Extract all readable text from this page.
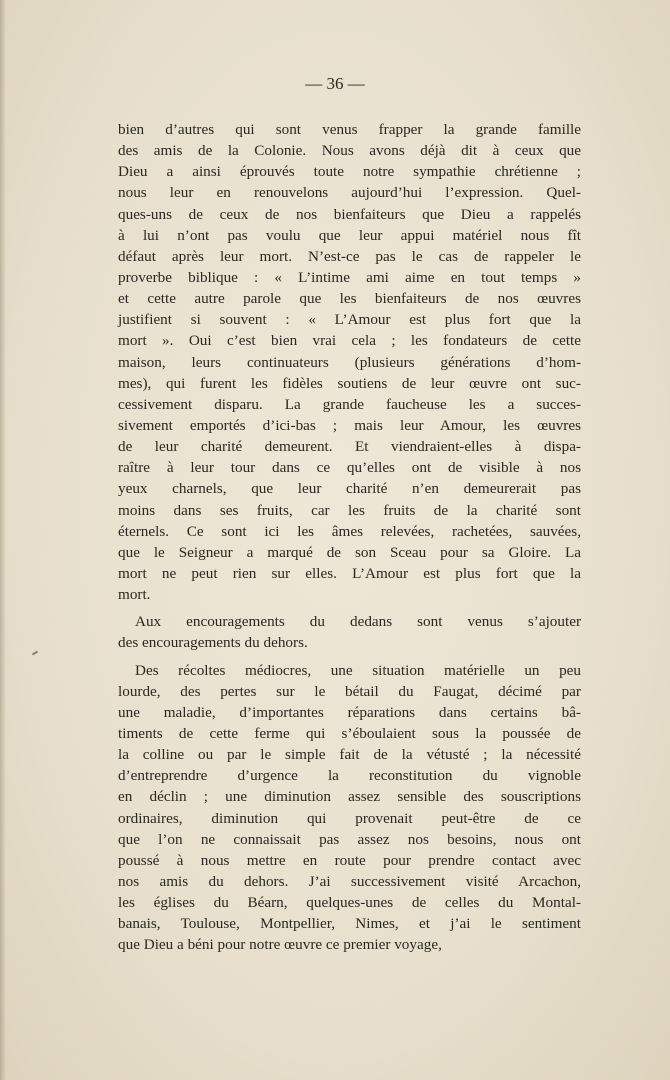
— 36 —
bien d’autres qui sont venus frapper la grande famille
des amis de la Colonie. Nous avons déjà dit à ceux que
Dieu a ainsi éprouvés toute notre sympathie chrétienne ;
nous leur en renouvelons aujourd’hui l’expression. Quel-
ques-uns de ceux de nos bienfaiteurs que Dieu a rappelés
à lui n’ont pas voulu que leur appui matériel nous fît
défaut après leur mort. N’est-ce pas le cas de rappeler le
proverbe biblique : « L’intime ami aime en tout temps »
et cette autre parole que les bienfaiteurs de nos œuvres
justifient si souvent : « L’Amour est plus fort que la
mort ». Oui c’est bien vrai cela ; les fondateurs de cette
maison, leurs continuateurs (plusieurs générations d’hom-
mes), qui furent les fidèles soutiens de leur œuvre ont suc-
cessivement disparu. La grande faucheuse les a succes-
sivement emportés d’ici-bas ; mais leur Amour, les œuvres
de leur charité demeurent. Et viendraient-elles à dispa-
raître à leur tour dans ce qu’elles ont de visible à nos
yeux charnels, que leur charité n’en demeurerait pas
moins dans ses fruits, car les fruits de la charité sont
éternels. Ce sont ici les âmes relevées, rachetées, sauvées,
que le Seigneur a marqué de son Sceau pour sa Gloire. La
mort ne peut rien sur elles. L’Amour est plus fort que la
mort.
Aux encouragements du dedans sont venus s’ajouter
des encouragements du dehors.
Des récoltes médiocres, une situation matérielle un peu
lourde, des pertes sur le bétail du Faugat, décimé par
une maladie, d’importantes réparations dans certains bâ-
timents de cette ferme qui s’éboulaient sous la poussée de
la colline ou par le simple fait de la vétusté ; la nécessité
d’entreprendre d’urgence la reconstitution du vignoble
en déclin ; une diminution assez sensible des souscriptions
ordinaires, diminution qui provenait peut-être de ce
que l’on ne connaissait pas assez nos besoins, nous ont
poussé à nous mettre en route pour prendre contact avec
nos amis du dehors. J’ai successivement visité Arcachon,
les églises du Béarn, quelques-unes de celles du Montal-
banais, Toulouse, Montpellier, Nimes, et j’ai le sentiment
que Dieu a béni pour notre œuvre ce premier voyage,
